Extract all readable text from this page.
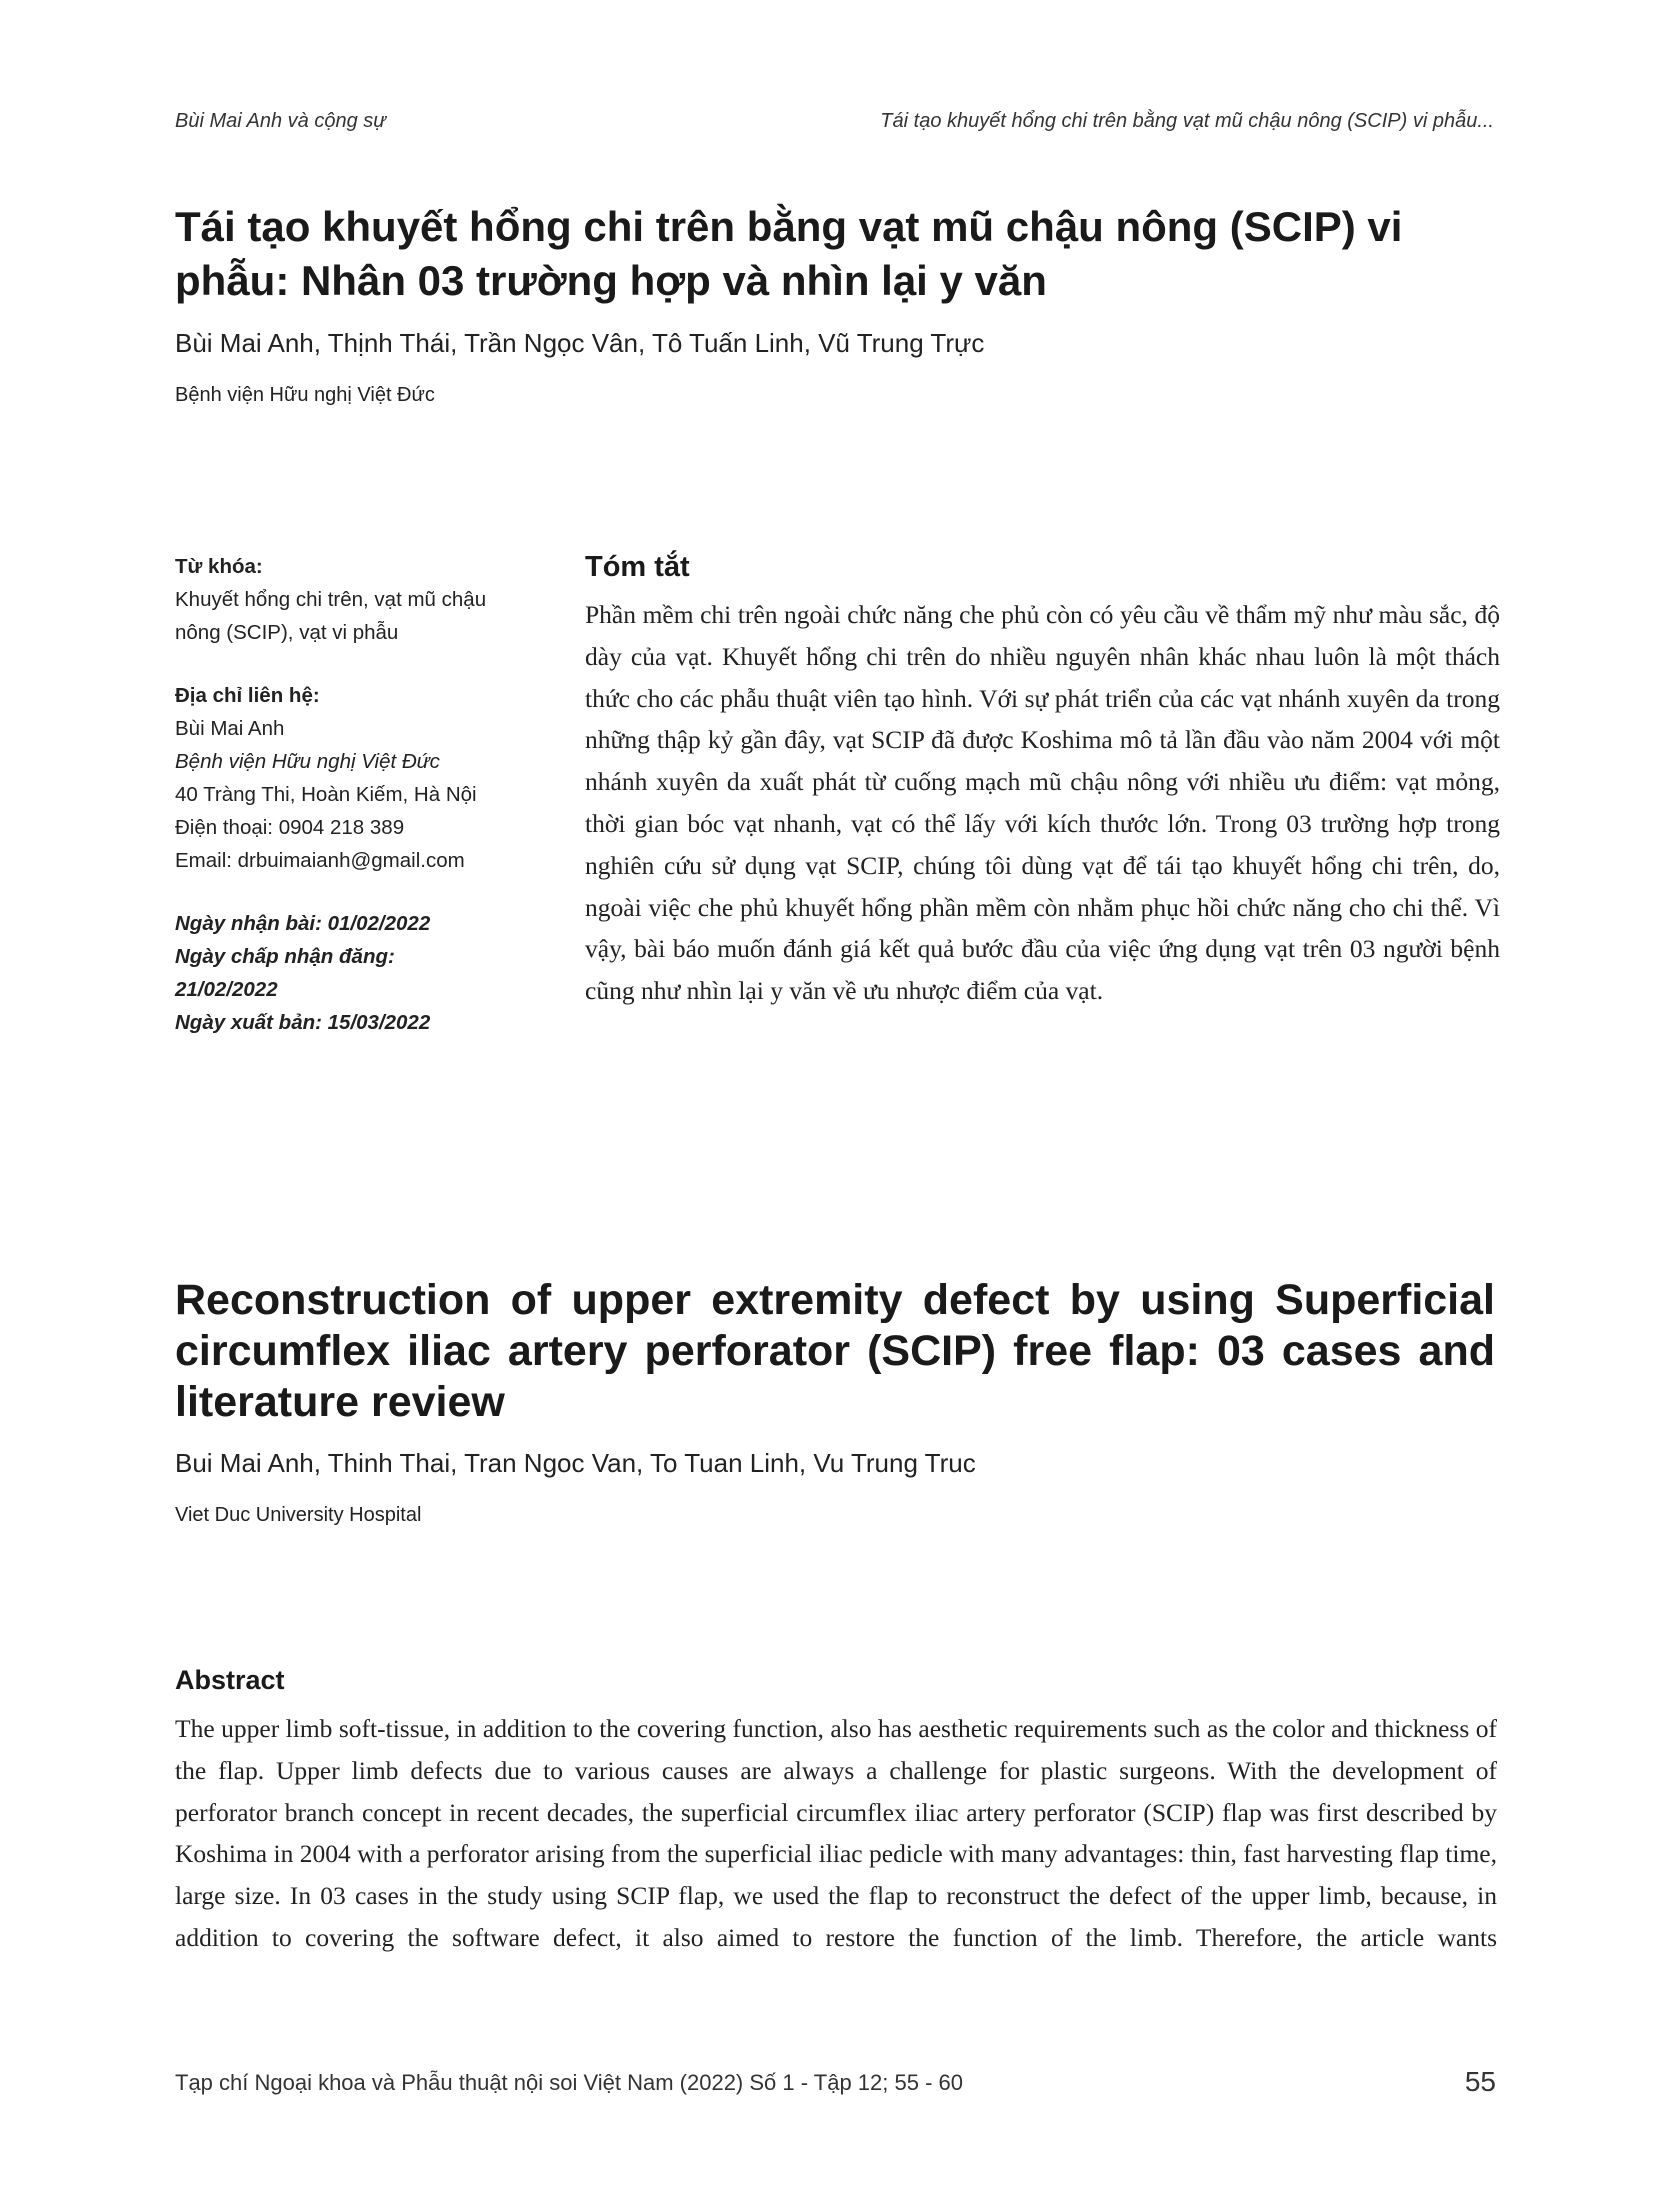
Bùi Mai Anh và cộng sự	Tái tạo khuyết hổng chi trên bằng vạt mũ chậu nông (SCIP) vi phẫu...
Tái tạo khuyết hổng chi trên bằng vạt mũ chậu nông (SCIP) vi phẫu: Nhân 03 trường hợp và nhìn lại y văn
Bùi Mai Anh, Thịnh Thái, Trần Ngọc Vân, Tô Tuấn Linh, Vũ Trung Trực
Bệnh viện Hữu nghị Việt Đức
Từ khóa:
Khuyết hổng chi trên, vạt mũ chậu nông (SCIP), vạt vi phẫu
Địa chỉ liên hệ:
Bùi Mai Anh
Bệnh viện Hữu nghị Việt Đức
40 Tràng Thi, Hoàn Kiếm, Hà Nội
Điện thoại: 0904 218 389
Email: drbuimaianh@gmail.com
Ngày nhận bài: 01/02/2022
Ngày chấp nhận đăng:
21/02/2022
Ngày xuất bản: 15/03/2022
Tóm tắt
Phần mềm chi trên ngoài chức năng che phủ còn có yêu cầu về thẩm mỹ như màu sắc, độ dày của vạt. Khuyết hổng chi trên do nhiều nguyên nhân khác nhau luôn là một thách thức cho các phẫu thuật viên tạo hình. Với sự phát triển của các vạt nhánh xuyên da trong những thập kỷ gần đây, vạt SCIP đã được Koshima mô tả lần đầu vào năm 2004 với một nhánh xuyên da xuất phát từ cuống mạch mũ chậu nông với nhiều ưu điểm: vạt mỏng, thời gian bóc vạt nhanh, vạt có thể lấy với kích thước lớn. Trong 03 trường hợp trong nghiên cứu sử dụng vạt SCIP, chúng tôi dùng vạt để tái tạo khuyết hổng chi trên, do, ngoài việc che phủ khuyết hổng phần mềm còn nhằm phục hồi chức năng cho chi thể. Vì vậy, bài báo muốn đánh giá kết quả bước đầu của việc ứng dụng vạt trên 03 người bệnh cũng như nhìn lại y văn về ưu nhược điểm của vạt.
Reconstruction of upper extremity defect by using Superficial circumflex iliac artery perforator (SCIP) free flap: 03 cases and literature review
Bui Mai Anh, Thinh Thai, Tran Ngoc Van, To Tuan Linh, Vu Trung Truc
Viet Duc University Hospital
Abstract
The upper limb soft-tissue, in addition to the covering function, also has aesthetic requirements such as the color and thickness of the flap. Upper limb defects due to various causes are always a challenge for plastic surgeons. With the development of perforator branch concept in recent decades, the superficial circumflex iliac artery perforator (SCIP) flap was first described by Koshima in 2004 with a perforator arising from the superficial iliac pedicle with many advantages: thin, fast harvesting flap time, large size. In 03 cases in the study using SCIP flap, we used the flap to reconstruct the defect of the upper limb, because, in addition to covering the software defect, it also aimed to restore the function of the limb. Therefore, the article wants
Tạp chí Ngoại khoa và Phẫu thuật nội soi Việt Nam (2022) Số 1 - Tập 12; 55 - 60	55
